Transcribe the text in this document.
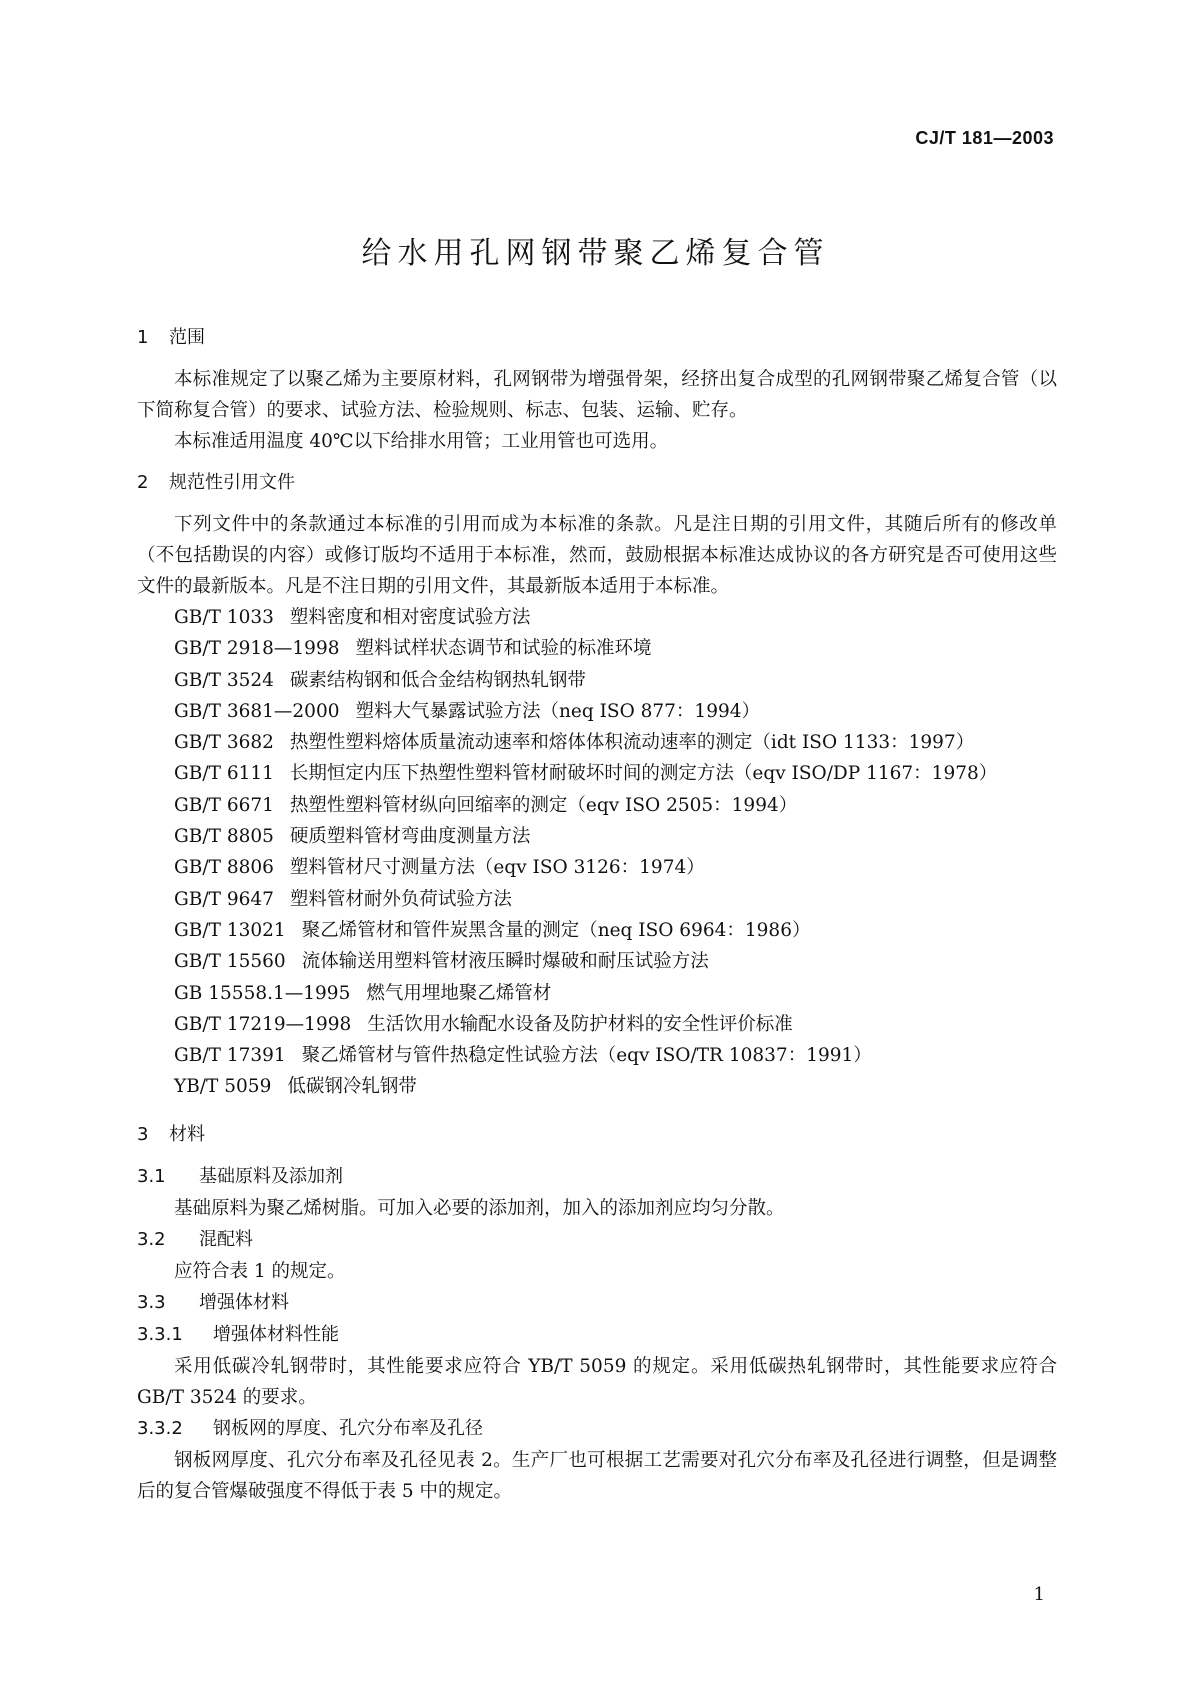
CJ/T 181—2003
给水用孔网钢带聚乙烯复合管
1 范围
本标准规定了以聚乙烯为主要原材料，孔网钢带为增强骨架，经挤出复合成型的孔网钢带聚乙烯复合管（以下简称复合管）的要求、试验方法、检验规则、标志、包装、运输、贮存。
本标准适用温度 40℃以下给排水用管；工业用管也可选用。
2 规范性引用文件
下列文件中的条款通过本标准的引用而成为本标准的条款。凡是注日期的引用文件，其随后所有的修改单（不包括勘误的内容）或修订版均不适用于本标准，然而，鼓励根据本标准达成协议的各方研究是否可使用这些文件的最新版本。凡是不注日期的引用文件，其最新版本适用于本标准。
GB/T 1033 塑料密度和相对密度试验方法
GB/T 2918—1998 塑料试样状态调节和试验的标准环境
GB/T 3524 碳素结构钢和低合金结构钢热轧钢带
GB/T 3681—2000 塑料大气暴露试验方法（neq ISO 877：1994）
GB/T 3682 热塑性塑料熔体质量流动速率和熔体体积流动速率的测定（idt ISO 1133：1997）
GB/T 6111 长期恒定内压下热塑性塑料管材耐破坏时间的测定方法（eqv ISO/DP 1167：1978）
GB/T 6671 热塑性塑料管材纵向回缩率的测定（eqv ISO 2505：1994）
GB/T 8805 硬质塑料管材弯曲度测量方法
GB/T 8806 塑料管材尺寸测量方法（eqv ISO 3126：1974）
GB/T 9647 塑料管材耐外负荷试验方法
GB/T 13021 聚乙烯管材和管件炭黑含量的测定（neq ISO 6964：1986）
GB/T 15560 流体输送用塑料管材液压瞬时爆破和耐压试验方法
GB 15558.1—1995 燃气用埋地聚乙烯管材
GB/T 17219—1998 生活饮用水输配水设备及防护材料的安全性评价标准
GB/T 17391 聚乙烯管材与管件热稳定性试验方法（eqv ISO/TR 10837：1991）
YB/T 5059 低碳钢冷轧钢带
3 材料
3.1 基础原料及添加剂
基础原料为聚乙烯树脂。可加入必要的添加剂，加入的添加剂应均匀分散。
3.2 混配料
应符合表 1 的规定。
3.3 增强体材料
3.3.1 增强体材料性能
采用低碳冷轧钢带时，其性能要求应符合 YB/T 5059 的规定。采用低碳热轧钢带时，其性能要求应符合 GB/T 3524 的要求。
3.3.2 钢板网的厚度、孔穴分布率及孔径
钢板网厚度、孔穴分布率及孔径见表 2。生产厂也可根据工艺需要对孔穴分布率及孔径进行调整，但是调整后的复合管爆破强度不得低于表 5 中的规定。
1
